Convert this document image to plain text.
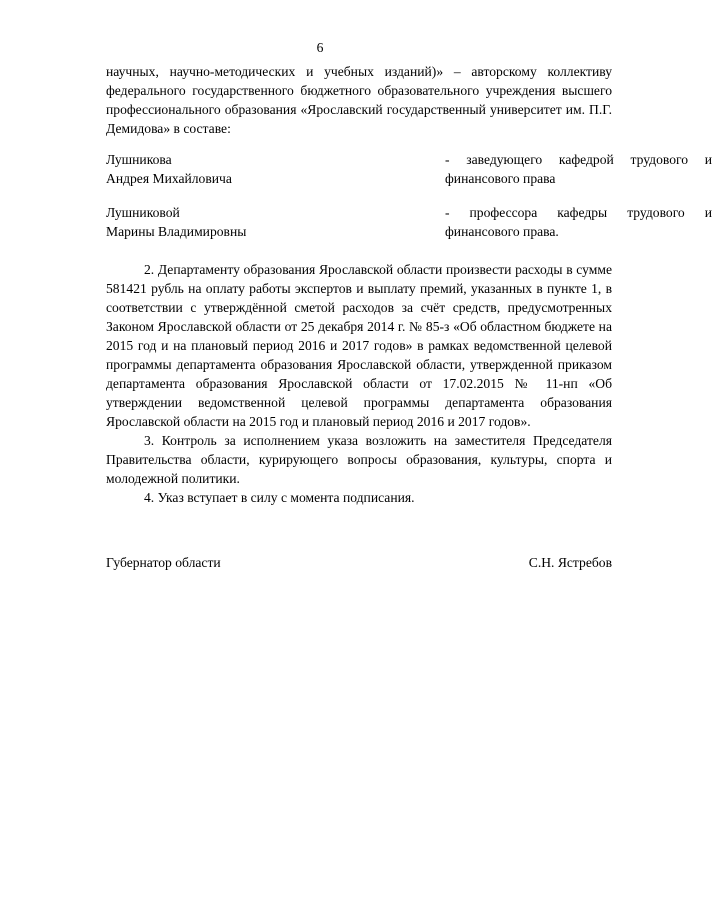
6
научных, научно-методических и учебных изданий)» – авторскому коллективу федерального государственного бюджетного образовательного учреждения высшего профессионального образования «Ярославский государственный университет им. П.Г. Демидова» в составе:
Лушникова
Андрея Михайловича
- заведующего кафедрой трудового и финансового права
Лушниковой
Марины Владимировны
- профессора кафедры трудового и финансового права.

2. Департаменту образования Ярославской области произвести расходы в сумме 581421 рубль на оплату работы экспертов и выплату премий, указанных в пункте 1, в соответствии с утверждённой сметой расходов за счёт средств, предусмотренных Законом Ярославской области от 25 декабря 2014 г. № 85-з «Об областном бюджете на 2015 год и на плановый период 2016 и 2017 годов» в рамках ведомственной целевой программы департамента образования Ярославской области, утвержденной приказом департамента образования Ярославской области от 17.02.2015 № 11-нп «Об утверждении ведомственной целевой программы департамента образования Ярославской области на 2015 год и плановый период 2016 и 2017 годов».

3. Контроль за исполнением указа возложить на заместителя Председателя Правительства области, курирующего вопросы образования, культуры, спорта и молодежной политики.

4. Указ вступает в силу с момента подписания.

Губернатор области	С.Н. Ястребов
